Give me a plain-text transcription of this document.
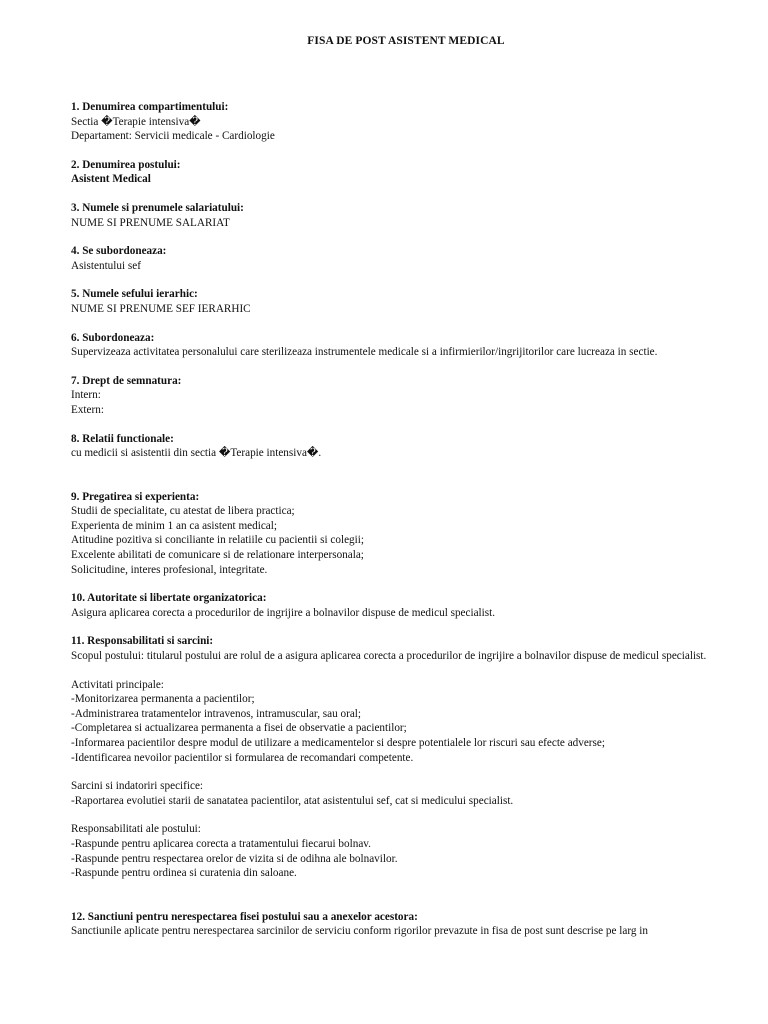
FISA DE POST ASISTENT MEDICAL
1. Denumirea compartimentului:
Sectia �Terapie intensiva�
Departament: Servicii medicale - Cardiologie
2. Denumirea postului:
Asistent Medical
3. Numele si prenumele salariatului:
NUME SI PRENUME SALARIAT
4. Se subordoneaza:
Asistentului sef
5. Numele sefului ierarhic:
NUME SI PRENUME SEF IERARHIC
6. Subordoneaza:
Supervizeaza activitatea personalului care sterilizeaza instrumentele medicale si a infirmierilor/ingrijitorilor care lucreaza in sectie.
7. Drept de semnatura:
Intern:
Extern:
8. Relatii functionale:
cu medicii si asistentii din sectia �Terapie intensiva�.
9. Pregatirea si experienta:
Studii de specialitate, cu atestat de libera practica;
Experienta de minim 1 an ca asistent medical;
Atitudine pozitiva si conciliante in relatiile cu pacientii si colegii;
Excelente abilitati de comunicare si de relationare interpersonala;
Solicitudine, interes profesional, integritate.
10. Autoritate si libertate organizatorica:
Asigura aplicarea corecta a procedurilor de ingrijire a bolnavilor dispuse de medicul specialist.
11. Responsabilitati si sarcini:
Scopul postului: titularul postului are rolul de a asigura aplicarea corecta a procedurilor de ingrijire a bolnavilor dispuse de medicul specialist.
Activitati principale:
-Monitorizarea permanenta a pacientilor;
-Administrarea tratamentelor intravenos, intramuscular, sau oral;
-Completarea si actualizarea permanenta a fisei de observatie a pacientilor;
-Informarea pacientilor despre modul de utilizare a medicamentelor si despre potentialele lor riscuri sau efecte adverse;
-Identificarea nevoilor pacientilor si formularea de recomandari competente.
Sarcini si indatoriri specifice:
-Raportarea evolutiei starii de sanatatea pacientilor, atat asistentului sef, cat si medicului specialist.
Responsabilitati ale postului:
-Raspunde pentru aplicarea corecta a tratamentului fiecarui bolnav.
-Raspunde pentru respectarea orelor de vizita si de odihna ale bolnavilor.
-Raspunde pentru ordinea si curatenia din saloane.
12. Sanctiuni pentru nerespectarea fisei postului sau a anexelor acestora:
Sanctiunile aplicate pentru nerespectarea sarcinilor de serviciu conform rigorilor prevazute in fisa de post sunt descrise pe larg in
